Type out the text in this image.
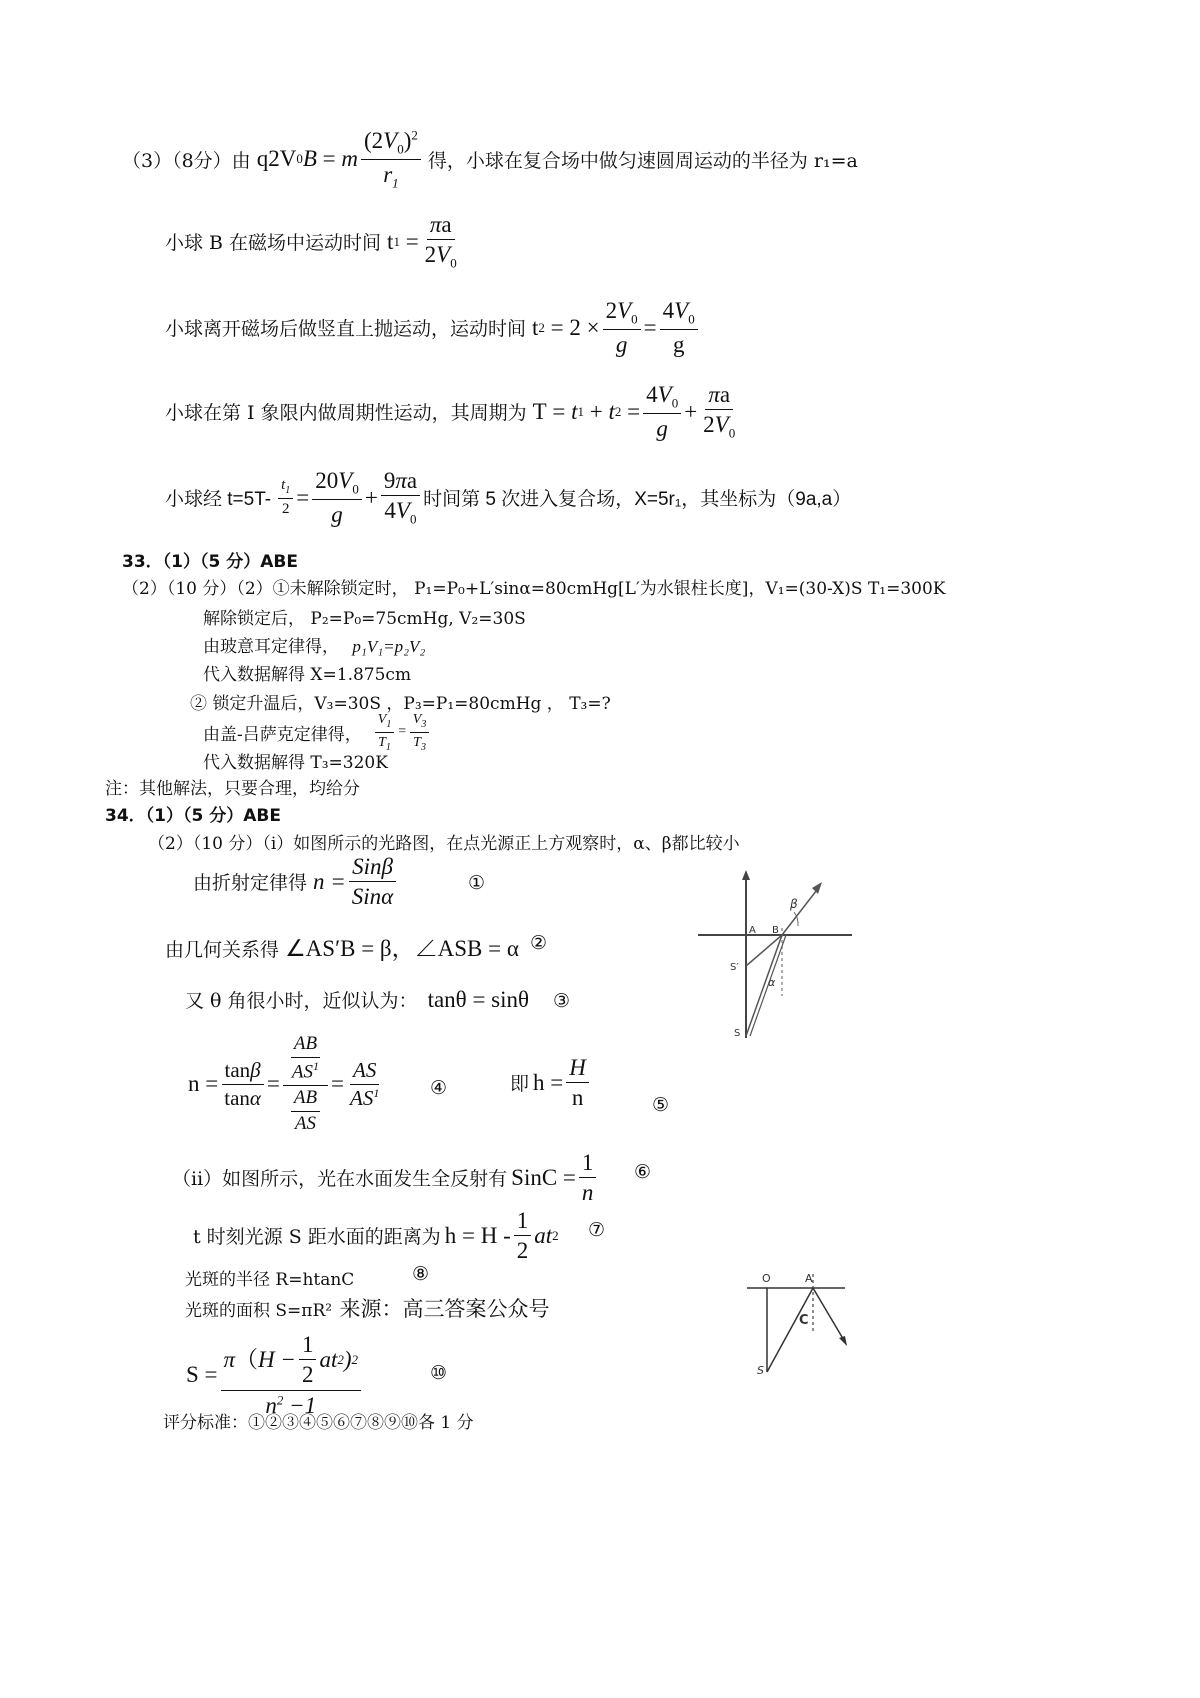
（3）（8分）由 q2V 0 B = m $\frac{(2V_0)^2}{r_1}$ 得，小球在复合场中做匀速圆周运动的半径为 r₁=a
小球 B 在磁场中运动时间 t $1 = \frac{\pi a}{2V_0}$
小球离开磁场后做竖直上抛运动，运动时间 t $2 = 2 \times \frac{2V_0}{g} = \frac{4V_0}{g}$
小球在第 I 象限内做周期性运动，其周期为 T = t 1 + t $2 = \frac{4V_0}{g} + \frac{\pi a}{2V_0}$
小球经 $t=5T- \frac{t_1}{2} = \frac{20V_0}{g} + \frac{9\pi a}{4V_0}$ 时间第 5 次进入复合场，X=5r₁，其坐标为（9a,a）
33．（1）（5 分）ABE
（2）（10 分）（2）①未解除锁定时， P₁=P₀+L′sinα=80cmHg[L′为水银柱长度]，V₁=(30-X)S T₁=300K
解除锁定后， P₂=P₀=75cmHg, V₂=30S
由玻意耳定律得， p₁V₁=p₂V₂
代入数据解得 X=1.875cm
② 锁定升温后，V₃=30S ，P₃=P₁=80cmHg ， T₃=?
由盖-吕萨克定律得， $\frac{V_1}{T_1} = \frac{V_3}{T_3}$
代入数据解得 T₃=320K
注：其他解法，只要合理，均给分
34．（1）（5 分）ABE
（2）（10 分）（ⅰ）如图所示的光路图，在点光源正上方观察时，α、β都比较小
由折射定律得 $n = \frac{\text{Sinβ}}{\text{Sinα}}$	①
由几何关系得 ∠AS′B = β，∠ASB = α ②
又 θ 角很小时，近似认为： tanθ = sinθ ③
$n = \frac{\tan\beta}{\tan\alpha} = \frac{\frac{AB}{AS^1}}{\frac{AB}{AS}} = \frac{AS}{AS^1}$	④	即 $h = \frac{H}{n}$	⑤
（ⅱ）如图所示，光在水面发生全反射有 SinC = $\frac{1}{n}$ ⑥
t 时刻光源 S 距水面的距离为 $h = H - \frac{1}{2}$ at 2 ⑦
光斑的半径 R=htanC	⑧
光斑的面积 S=πR² 来源：高三答案公众号
$S = \frac{\pi ( H - \frac{1}{2} at 2 ) 2}{n^2 -1}$	⑩
评分标准：①②③④⑤⑥⑦⑧⑨⑩各 1 分
A B
β
S′
α
S
O	A
C
S
